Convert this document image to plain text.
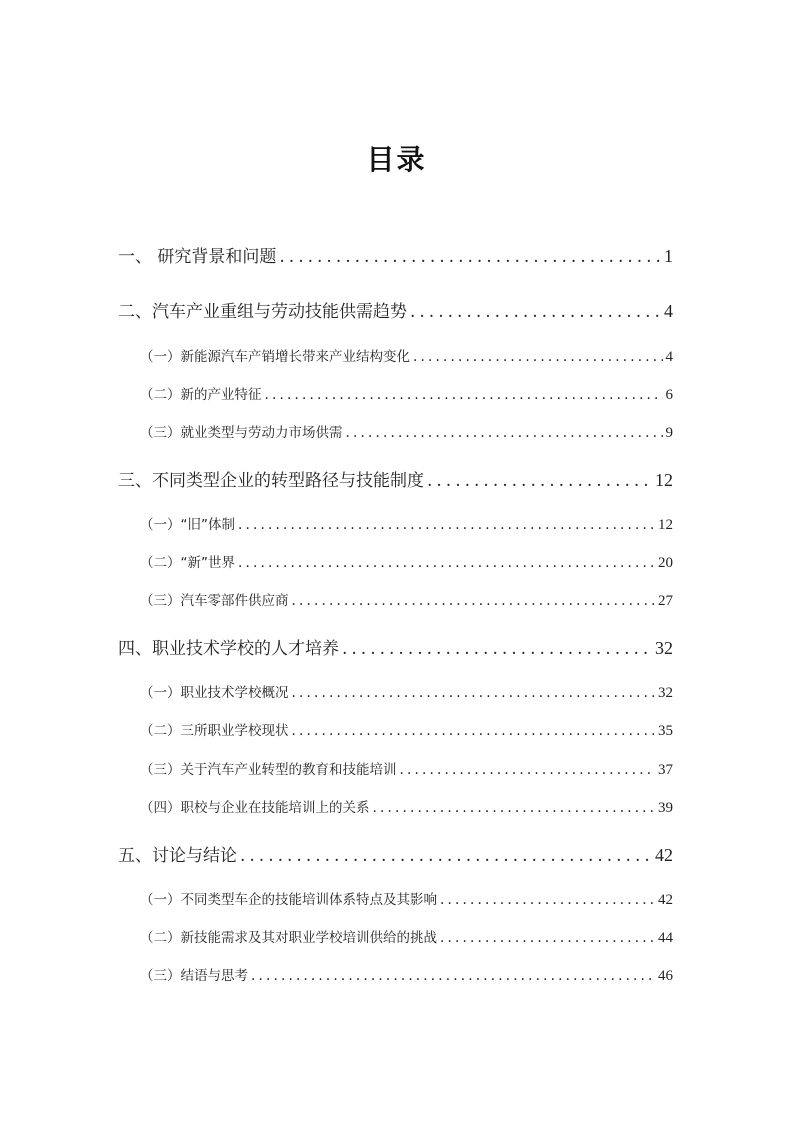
目录
一、 研究背景和问题 .....	1
二、汽车产业重组与劳动技能供需趋势 .....	4
（一）新能源汽车产销增长带来产业结构变化 .....	4
（二）新的产业特征 .....	6
（三）就业类型与劳动力市场供需 .....	9
三、不同类型企业的转型路径与技能制度 .....	12
（一）“旧”体制 .....	12
（二）“新”世界 .....	20
（三）汽车零部件供应商 .....	27
四、职业技术学校的人才培养 .....	32
（一）职业技术学校概况 .....	32
（二）三所职业学校现状 .....	35
（三）关于汽车产业转型的教育和技能培训 .....	37
（四）职校与企业在技能培训上的关系 .....	39
五、讨论与结论 .....	42
（一）不同类型车企的技能培训体系特点及其影响 .....	42
（二）新技能需求及其对职业学校培训供给的挑战 .....	44
（三）结语与思考 .....	46
